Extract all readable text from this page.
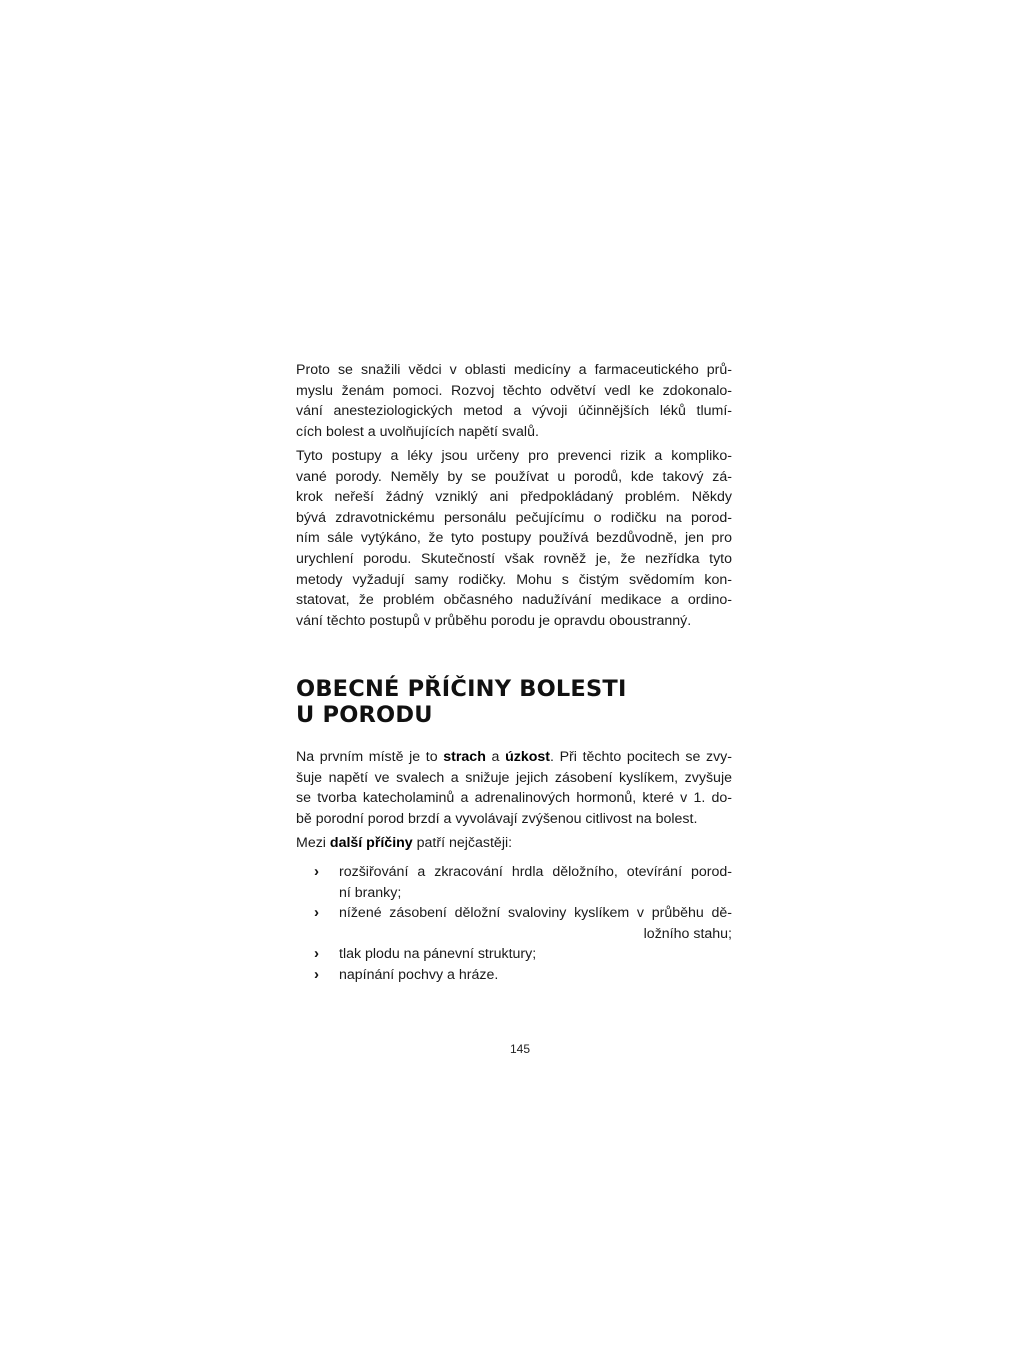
Proto se snažili vědci v oblasti medicíny a farmaceutického prů-
myslu ženám pomoci. Rozvoj těchto odvětví vedl ke zdokonalo-
vání anesteziologických metod a vývoji účinnějších léků tlumí-
cích bolest a uvolňujících napětí svalů.

Tyto postupy a léky jsou určeny pro prevenci rizik a kompliko-
vané porody. Neměly by se používat u porodů, kde takový zá-
krok neřeší žádný vzniklý ani předpokládaný problém. Někdy
bývá zdravotnickému personálu pečujícímu o rodičku na porod-
ním sále vytýkáno, že tyto postupy používá bezdůvodně, jen pro
urychlení porodu. Skutečností však rovněž je, že nezřídka tyto
metody vyžadují samy rodičky. Mohu s čistým svědomím kon-
statovat, že problém občasného nadužívání medikace a ordino-
vání těchto postupů v průběhu porodu je opravdu oboustranný.

OBECNÉ PŘÍČINY BOLESTI
U PORODU

Na prvním místě je to strach a úzkost. Při těchto pocitech se zvy-
šuje napětí ve svalech a snižuje jejich zásobení kyslíkem, zvyšuje
se tvorba katecholaminů a adrenalinových hormonů, které v 1. do-
bě porodní porod brzdí a vyvolávají zvýšenou citlivost na bolest.

Mezi další příčiny patří nejčastěji:

› rozšiřování a zkracování hrdla děložního, otevírání porod-
ní branky;
› nížené zásobení děložní svaloviny kyslíkem v průběhu dě-
ložního stahu;
› tlak plodu na pánevní struktury;
› napínání pochvy a hráze.
145
